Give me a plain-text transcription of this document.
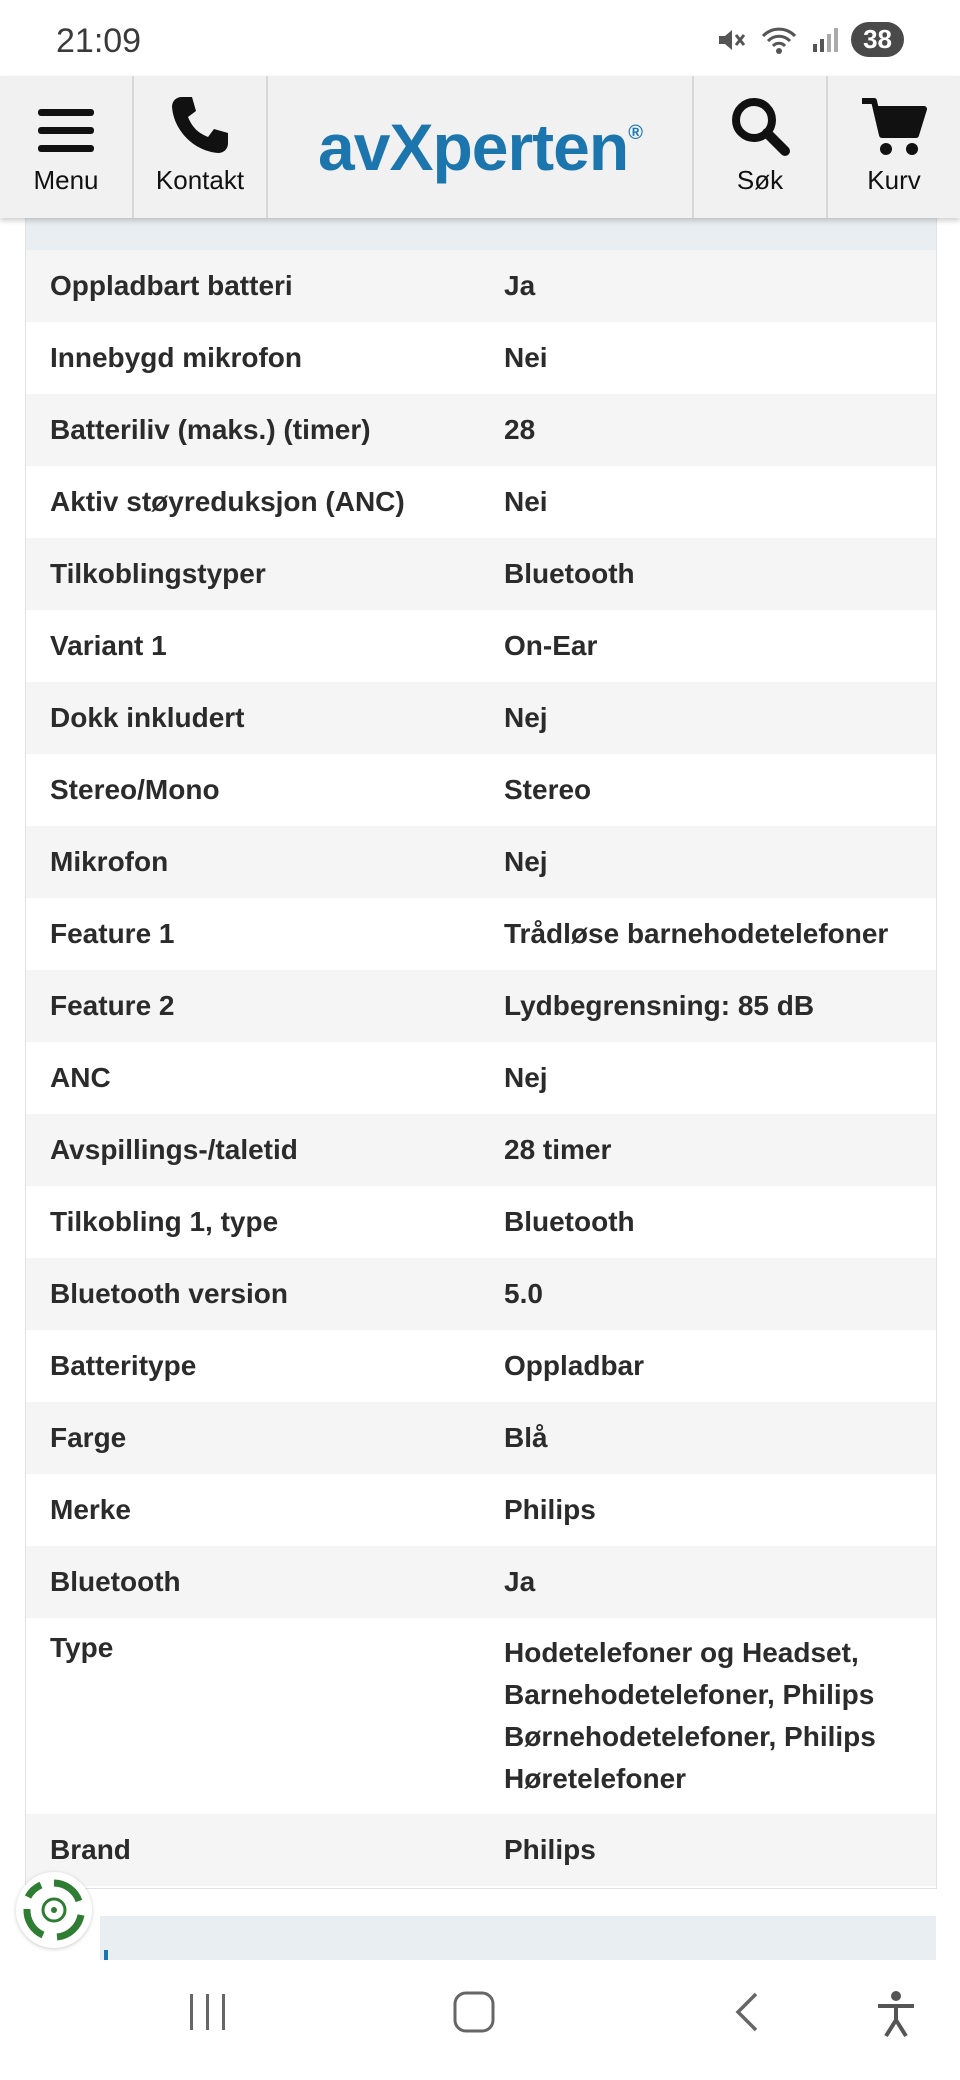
21:09	38
Menu Kontakt avXperten®
Søk	Kurv
Oppladbart batteri	Ja
Innebygd mikrofon	Nei
Batteriliv (maks.) (timer)	28
Aktiv støyreduksjon (ANC)	Nei
Tilkoblingstyper	Bluetooth
Variant 1	On-Ear
Dokk inkludert	Nej
Stereo/Mono	Stereo
Mikrofon	Nej
Feature 1	Trådløse barnehodetelefoner
Feature 2	Lydbegrensning: 85 dB
ANC	Nej
Avspillings-/taletid	28 timer
Tilkobling 1, type	Bluetooth
Bluetooth version	5.0
Batteritype	Oppladbar
Farge	Blå
Merke	Philips
Bluetooth	Ja
Type	Hodetelefoner og Headset, Barnehodetelefoner, Philips Børnehodetelefoner, Philips Høretelefoner
Brand	Philips
